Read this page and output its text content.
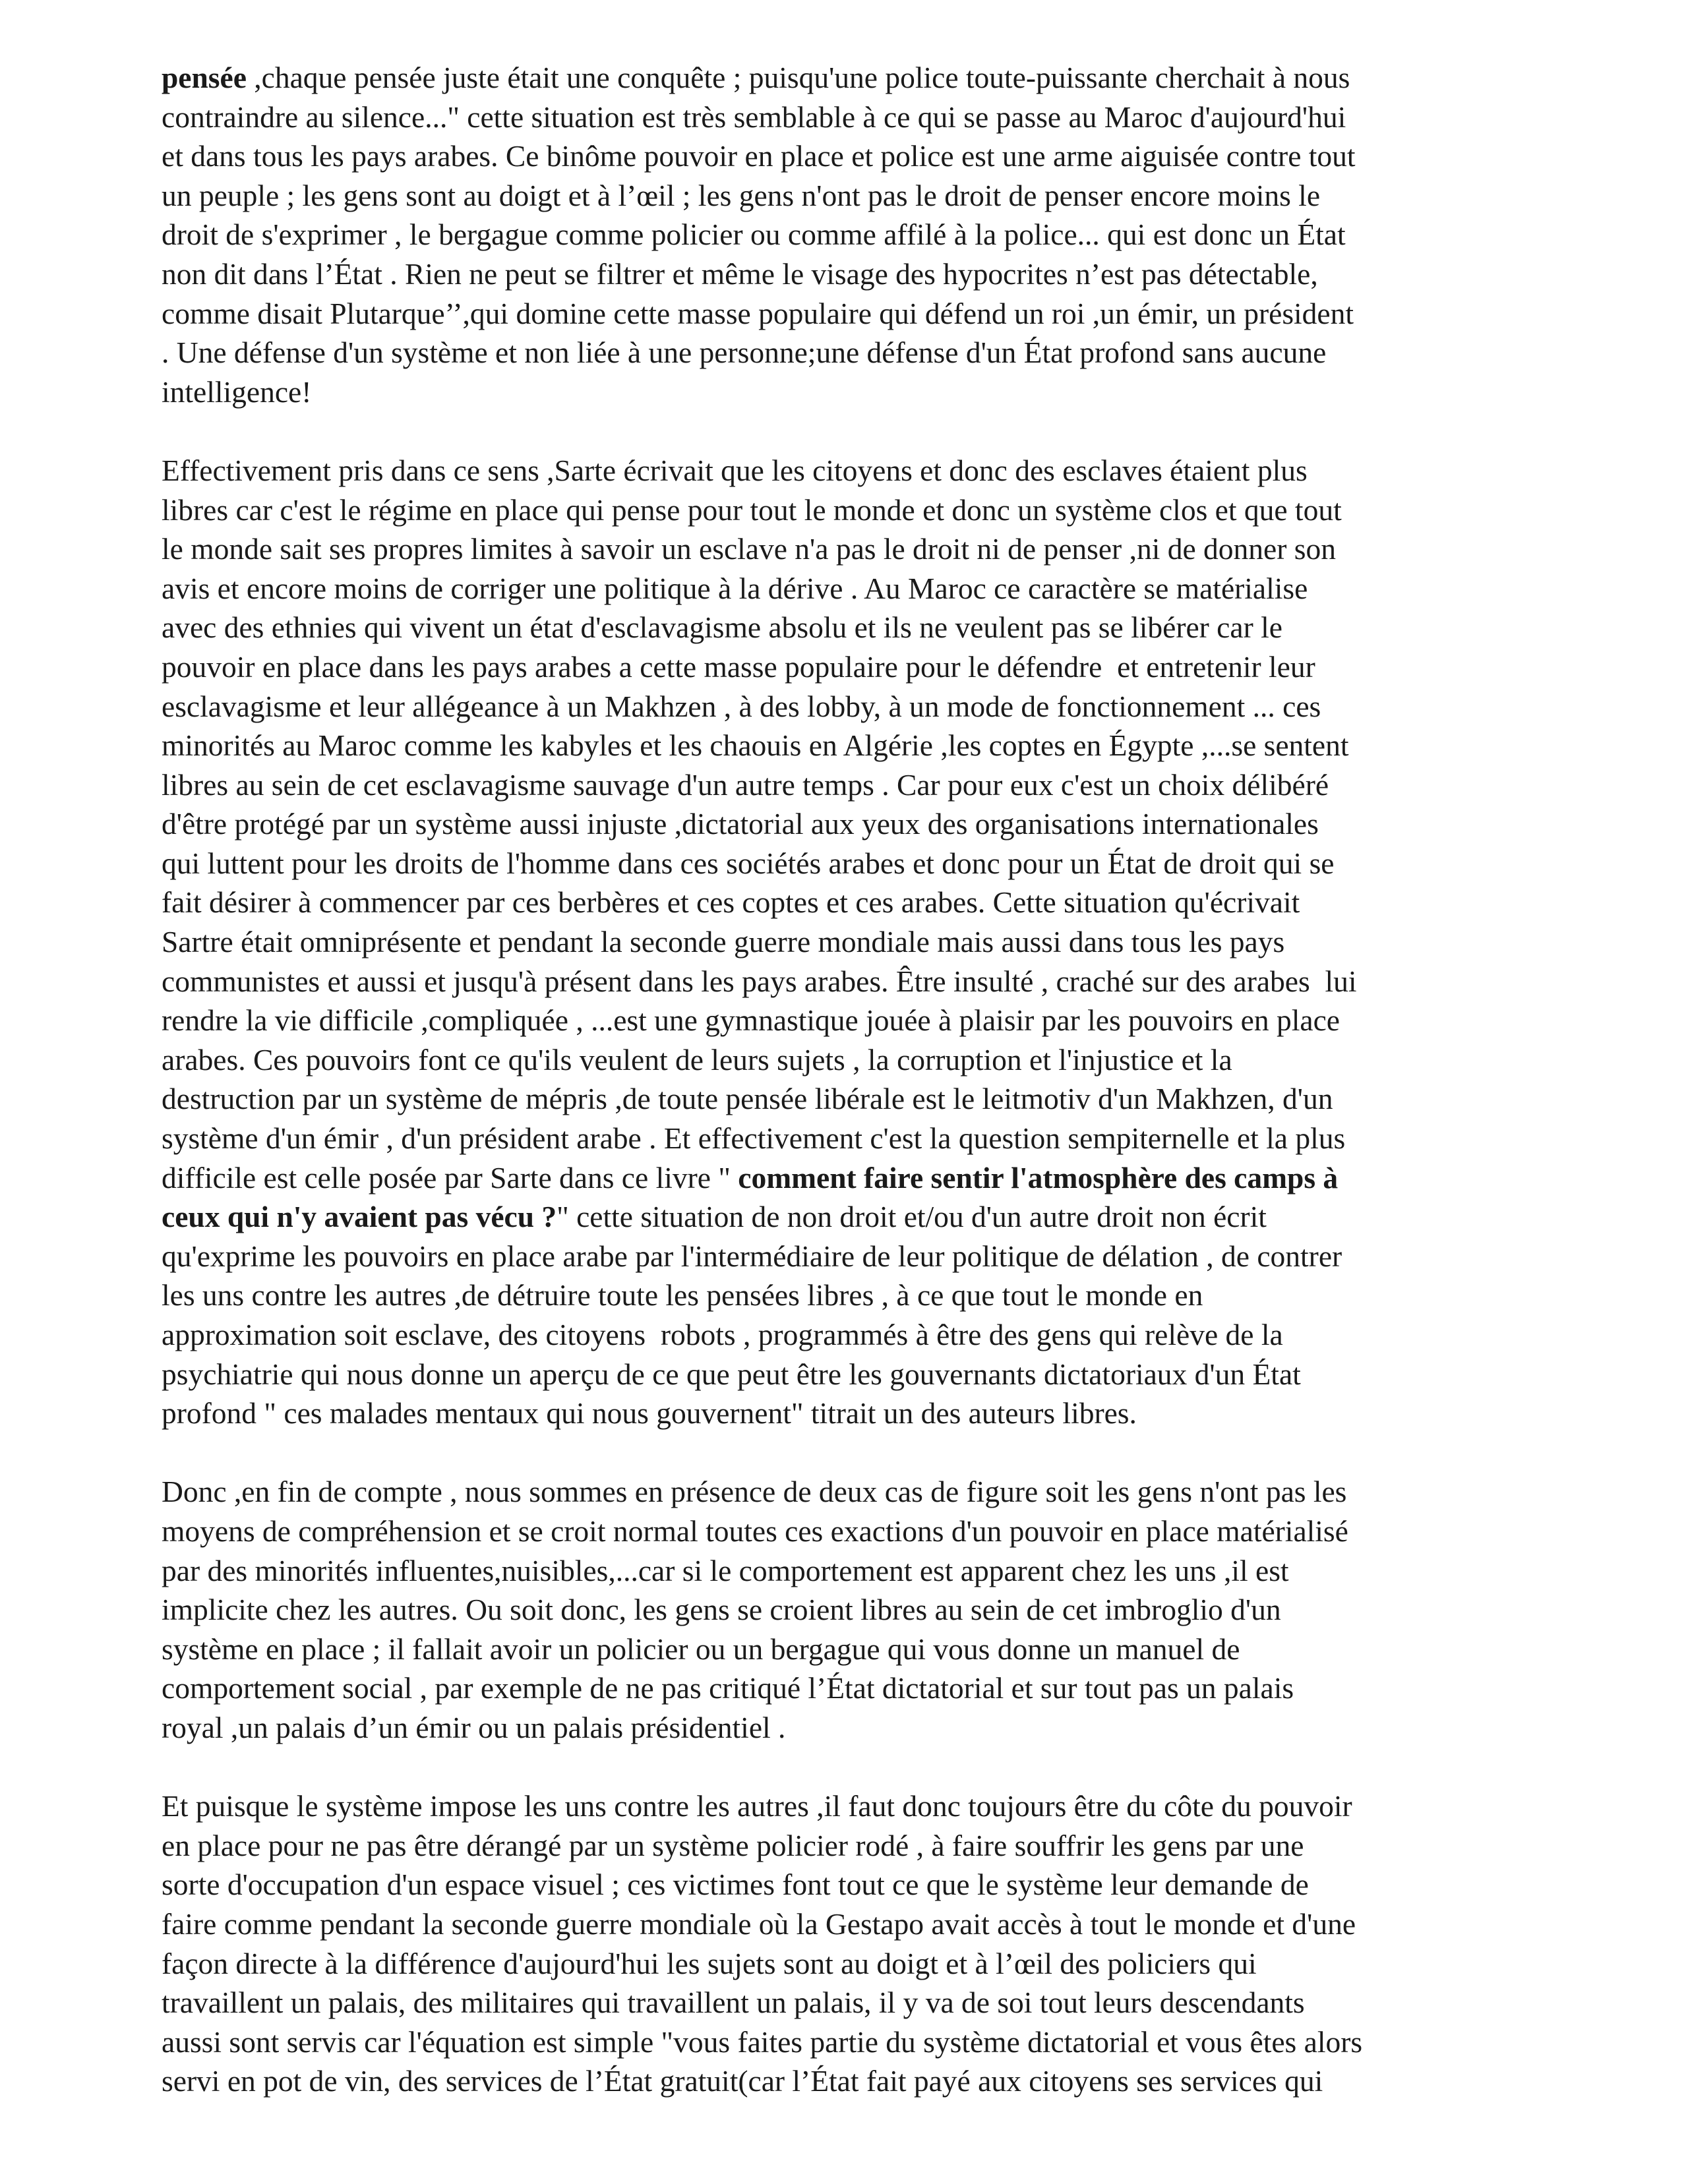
pensée ,chaque pensée juste était une conquête ; puisqu'une police toute-puissante cherchait à nous
contraindre au silence..." cette situation est très semblable à ce qui se passe au Maroc d'aujourd'hui
et dans tous les pays arabes. Ce binôme pouvoir en place et police est une arme aiguisée contre tout
un peuple ; les gens sont au doigt et à l’œil ; les gens n'ont pas le droit de penser encore moins le
droit de s'exprimer , le bergague comme policier ou comme affilé à la police... qui est donc un État
non dit dans l’État . Rien ne peut se filtrer et même le visage des hypocrites n’est pas détectable,
comme disait Plutarque’’,qui domine cette masse populaire qui défend un roi ,un émir, un président
. Une défense d'un système et non liée à une personne;une défense d'un État profond sans aucune
intelligence!
Effectivement pris dans ce sens ,Sarte écrivait que les citoyens et donc des esclaves étaient plus
libres car c'est le régime en place qui pense pour tout le monde et donc un système clos et que tout
le monde sait ses propres limites à savoir un esclave n'a pas le droit ni de penser ,ni de donner son
avis et encore moins de corriger une politique à la dérive . Au Maroc ce caractère se matérialise
avec des ethnies qui vivent un état d'esclavagisme absolu et ils ne veulent pas se libérer car le
pouvoir en place dans les pays arabes a cette masse populaire pour le défendre  et entretenir leur
esclavagisme et leur allégeance à un Makhzen , à des lobby, à un mode de fonctionnement ... ces
minorités au Maroc comme les kabyles et les chaouis en Algérie ,les coptes en Égypte ,...se sentent
libres au sein de cet esclavagisme sauvage d'un autre temps . Car pour eux c'est un choix délibéré
d'être protégé par un système aussi injuste ,dictatorial aux yeux des organisations internationales
qui luttent pour les droits de l'homme dans ces sociétés arabes et donc pour un État de droit qui se
fait désirer à commencer par ces berbères et ces coptes et ces arabes. Cette situation qu'écrivait
Sartre était omniprésente et pendant la seconde guerre mondiale mais aussi dans tous les pays
communistes et aussi et jusqu'à présent dans les pays arabes. Être insulté , craché sur des arabes  lui
rendre la vie difficile ,compliquée , ...est une gymnastique jouée à plaisir par les pouvoirs en place
arabes. Ces pouvoirs font ce qu'ils veulent de leurs sujets , la corruption et l'injustice et la
destruction par un système de mépris ,de toute pensée libérale est le leitmotiv d'un Makhzen, d'un
système d'un émir , d'un président arabe . Et effectivement c'est la question sempiternelle et la plus
difficile est celle posée par Sarte dans ce livre " comment faire sentir l'atmosphère des camps à
ceux qui n'y avaient pas vécu ?" cette situation de non droit et/ou d'un autre droit non écrit
qu'exprime les pouvoirs en place arabe par l'intermédiaire de leur politique de délation , de contrer
les uns contre les autres ,de détruire toute les pensées libres , à ce que tout le monde en
approximation soit esclave, des citoyens  robots , programmés à être des gens qui relève de la
psychiatrie qui nous donne un aperçu de ce que peut être les gouvernants dictatoriaux d'un État
profond " ces malades mentaux qui nous gouvernent" titrait un des auteurs libres.
Donc ,en fin de compte , nous sommes en présence de deux cas de figure soit les gens n'ont pas les
moyens de compréhension et se croit normal toutes ces exactions d'un pouvoir en place matérialisé
par des minorités influentes,nuisibles,...car si le comportement est apparent chez les uns ,il est
implicite chez les autres. Ou soit donc, les gens se croient libres au sein de cet imbroglio d'un
système en place ; il fallait avoir un policier ou un bergague qui vous donne un manuel de
comportement social , par exemple de ne pas critiqué l’État dictatorial et sur tout pas un palais
royal ,un palais d’un émir ou un palais présidentiel .
Et puisque le système impose les uns contre les autres ,il faut donc toujours être du côte du pouvoir
en place pour ne pas être dérangé par un système policier rodé , à faire souffrir les gens par une
sorte d'occupation d'un espace visuel ; ces victimes font tout ce que le système leur demande de
faire comme pendant la seconde guerre mondiale où la Gestapo avait accès à tout le monde et d'une
façon directe à la différence d'aujourd'hui les sujets sont au doigt et à l’œil des policiers qui
travaillent un palais, des militaires qui travaillent un palais, il y va de soi tout leurs descendants
aussi sont servis car l'équation est simple "vous faites partie du système dictatorial et vous êtes alors
servi en pot de vin, des services de l’État gratuit(car l’État fait payé aux citoyens ses services qui
